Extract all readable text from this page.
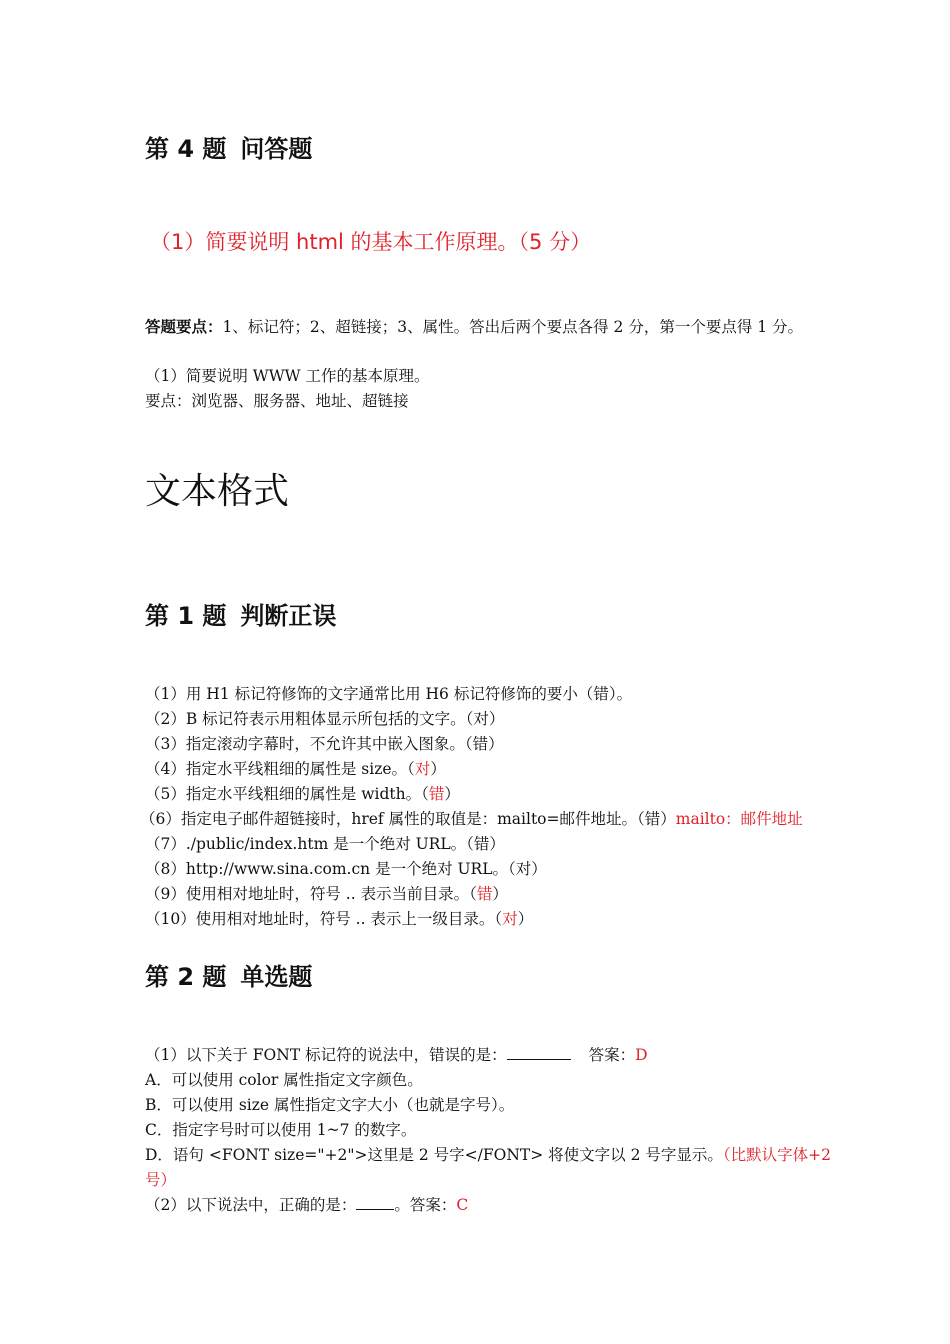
第 4 题 问答题
（1）简要说明 html 的基本工作原理。（5 分）
答题要点：1、标记符；2、超链接；3、属性。答出后两个要点各得 2 分，第一个要点得 1 分。
（1）简要说明 WWW 工作的基本原理。
要点：浏览器、服务器、地址、超链接
文本格式
第 1 题 判断正误
（1）用 H1 标记符修饰的文字通常比用 H6 标记符修饰的要小（错）。
（2）B 标记符表示用粗体显示所包括的文字。（对）
（3）指定滚动字幕时，不允许其中嵌入图象。（错）
（4）指定水平线粗细的属性是 size。（对）
（5）指定水平线粗细的属性是 width。（错）
（6）指定电子邮件超链接时，href 属性的取值是：mailto=邮件地址。（错）mailto：邮件地址
（7）./public/index.htm 是一个绝对 URL。（错）
（8）http://www.sina.com.cn 是一个绝对 URL。（对）
（9）使用相对地址时，符号 .. 表示当前目录。（错）
（10）使用相对地址时，符号 .. 表示上一级目录。（对）
第 2 题 单选题
（1）以下关于 FONT 标记符的说法中，错误的是：	答案：D
A．可以使用 color 属性指定文字颜色。
B．可以使用 size 属性指定文字大小（也就是字号）。
C．指定字号时可以使用 1~7 的数字。
D．语句 <FONT size="+2">这里是 2 号字</FONT> 将使文字以 2 号字显示。（比默认字体+2
号）
（2）以下说法中，正确的是： 。答案：C
